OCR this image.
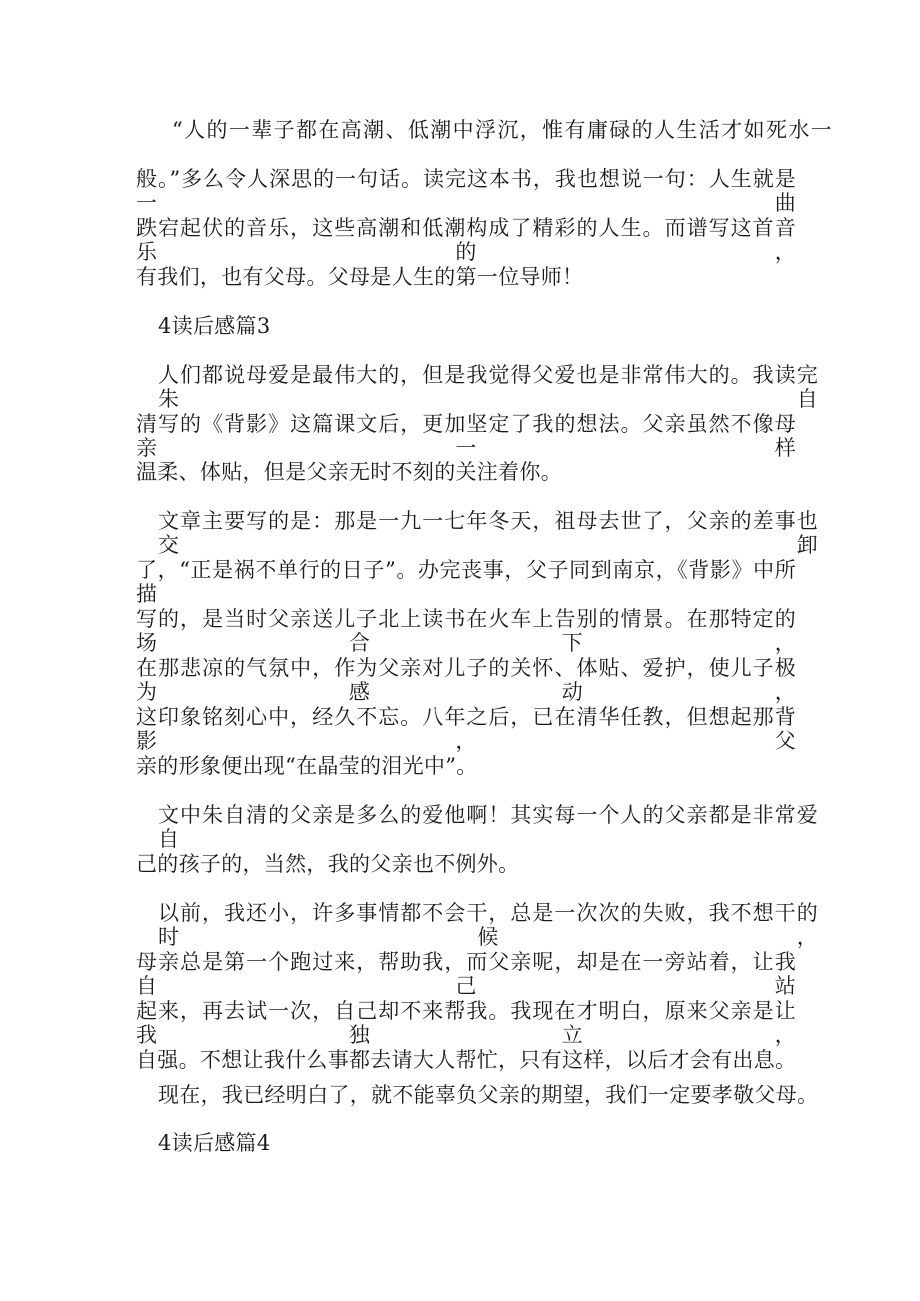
“人的一辈子都在高潮、低潮中浮沉，惟有庸碌的人生活才如死水一
般。”多么令人深思的一句话。读完这本书，我也想说一句：人生就是一曲
跌宕起伏的音乐，这些高潮和低潮构成了精彩的人生。而谱写这首音乐的，
有我们，也有父母。父母是人生的第一位导师！
4读后感篇3
人们都说母爱是最伟大的，但是我觉得父爱也是非常伟大的。我读完朱自
清写的《背影》这篇课文后，更加坚定了我的想法。父亲虽然不像母亲一样
温柔、体贴，但是父亲无时不刻的关注着你。
文章主要写的是：那是一九一七年冬天，祖母去世了，父亲的差事也交卸
了，“正是祸不单行的日子”。办完丧事，父子同到南京，《背影》中所描
写的，是当时父亲送儿子北上读书在火车上告别的情景。在那特定的场合下，
在那悲凉的气氛中，作为父亲对儿子的关怀、体贴、爱护，使儿子极为感动，
这印象铭刻心中，经久不忘。八年之后，已在清华任教，但想起那背影，父
亲的形象便出现“在晶莹的泪光中”。
文中朱自清的父亲是多么的爱他啊！其实每一个人的父亲都是非常爱自
己的孩子的，当然，我的父亲也不例外。
以前，我还小，许多事情都不会干，总是一次次的失败，我不想干的时候，
母亲总是第一个跑过来，帮助我，而父亲呢，却是在一旁站着，让我自己站
起来，再去试一次，自己却不来帮我。我现在才明白，原来父亲是让我独立，
自强。不想让我什么事都去请大人帮忙，只有这样，以后才会有出息。
现在，我已经明白了，就不能辜负父亲的期望，我们一定要孝敬父母。
4读后感篇4
